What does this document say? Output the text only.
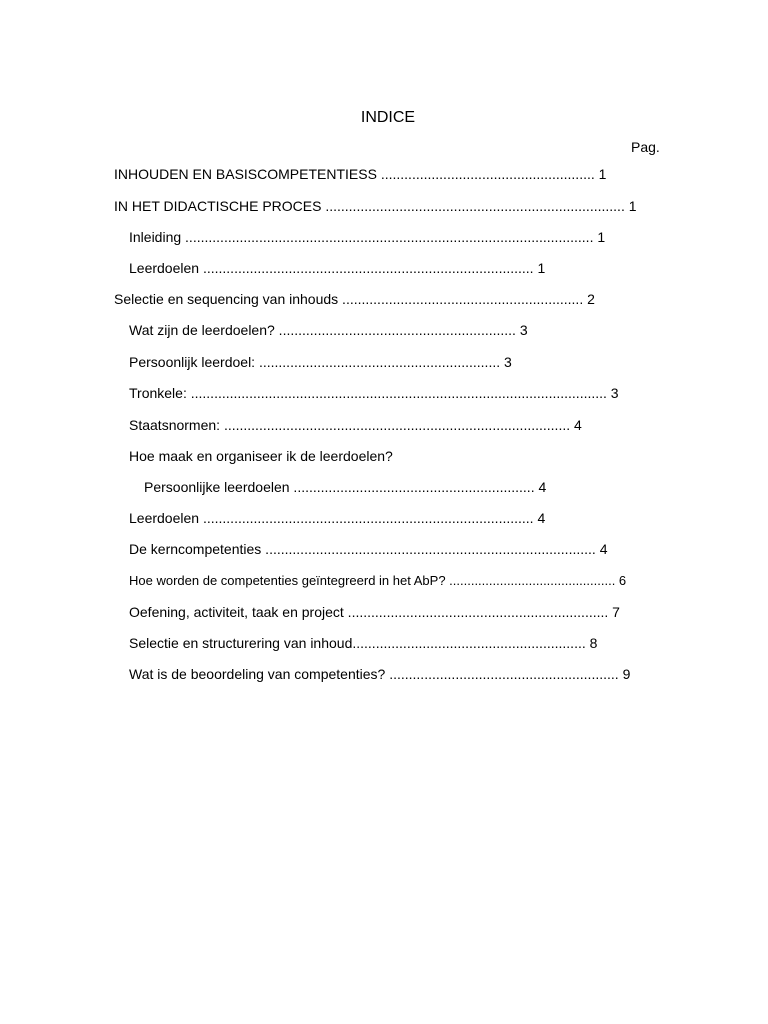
INDICE
Pag.
INHOUDEN EN BASISCOMPETENTIESS ....................................................... 1
IN HET DIDACTISCHE PROCES ............................................................................. 1
Inleiding ......................................................................................................... 1
Leerdoelen ..................................................................................... 1
Selectie en sequencing van inhouds .............................................................. 2
Wat zijn de leerdoelen? ............................................................. 3
Persoonlijk leerdoel: .............................................................. 3
Tronkele: ........................................................................................................... 3
Staatsnormen: ......................................................................................... 4
Hoe maak en organiseer ik de leerdoelen?
Persoonlijke leerdoelen .............................................................. 4
Leerdoelen ..................................................................................... 4
De kerncompetenties ..................................................................................... 4
Hoe worden de competenties geïntegreerd in het AbP? .............................................. 6
Oefening, activiteit, taak en project ................................................................... 7
Selectie en structurering van inhoud............................................................ 8
Wat is de beoordeling van competenties? ........................................................... 9
